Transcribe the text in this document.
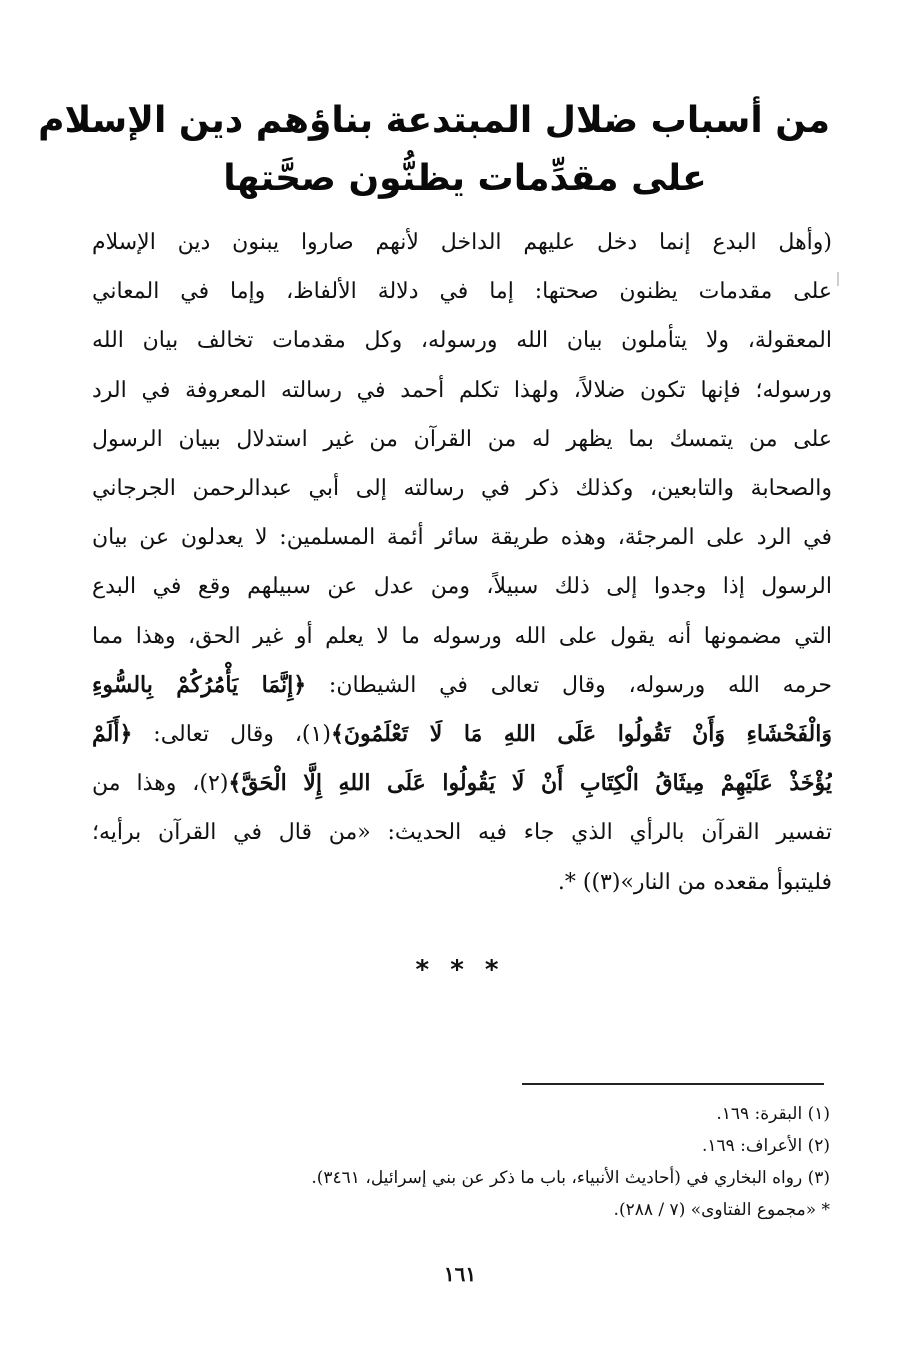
من أسباب ضلال المبتدعة بناؤهم دين الإسلام
على مقدِّمات يظنُّون صحَّتها
(وأهل البدع إنما دخل عليهم الداخل لأنهم صاروا يبنون دين الإسلام
على مقدمات يظنون صحتها: إما في دلالة الألفاظ، وإما في المعاني
المعقولة، ولا يتأملون بيان الله ورسوله، وكل مقدمات تخالف بيان الله
ورسوله؛ فإنها تكون ضلالاً، ولهذا تكلم أحمد في رسالته المعروفة في الرد
على من يتمسك بما يظهر له من القرآن من غير استدلال ببيان الرسول
والصحابة والتابعين، وكذلك ذكر في رسالته إلى أبي عبدالرحمن الجرجاني
في الرد على المرجئة، وهذه طريقة سائر أئمة المسلمين: لا يعدلون عن بيان
الرسول إذا وجدوا إلى ذلك سبيلاً، ومن عدل عن سبيلهم وقع في البدع
التي مضمونها أنه يقول على الله ورسوله ما لا يعلم أو غير الحق، وهذا مما
حرمه الله ورسوله، وقال تعالى في الشيطان: ﴿إِنَّمَا يَأْمُرُكُمْ بِالسُّوءِ
وَالْفَحْشَاءِ وَأَنْ تَقُولُوا عَلَى اللهِ مَا لَا تَعْلَمُونَ﴾(١)، وقال تعالى: ﴿أَلَمْ
يُؤْخَذْ عَلَيْهِمْ مِيثَاقُ الْكِتَابِ أَنْ لَا يَقُولُوا عَلَى اللهِ إِلَّا الْحَقَّ﴾(٢)، وهذا من
تفسير القرآن بالرأي الذي جاء فيه الحديث: «من قال في القرآن برأيه؛
فليتبوأ مقعده من النار»(٣)) *.
* * *
(١) البقرة: ١٦٩.
(٢) الأعراف: ١٦٩.
(٣) رواه البخاري في (أحاديث الأنبياء، باب ما ذكر عن بني إسرائيل، ٣٤٦١).
* «مجموع الفتاوى» (٧ / ٢٨٨).
١٦١
